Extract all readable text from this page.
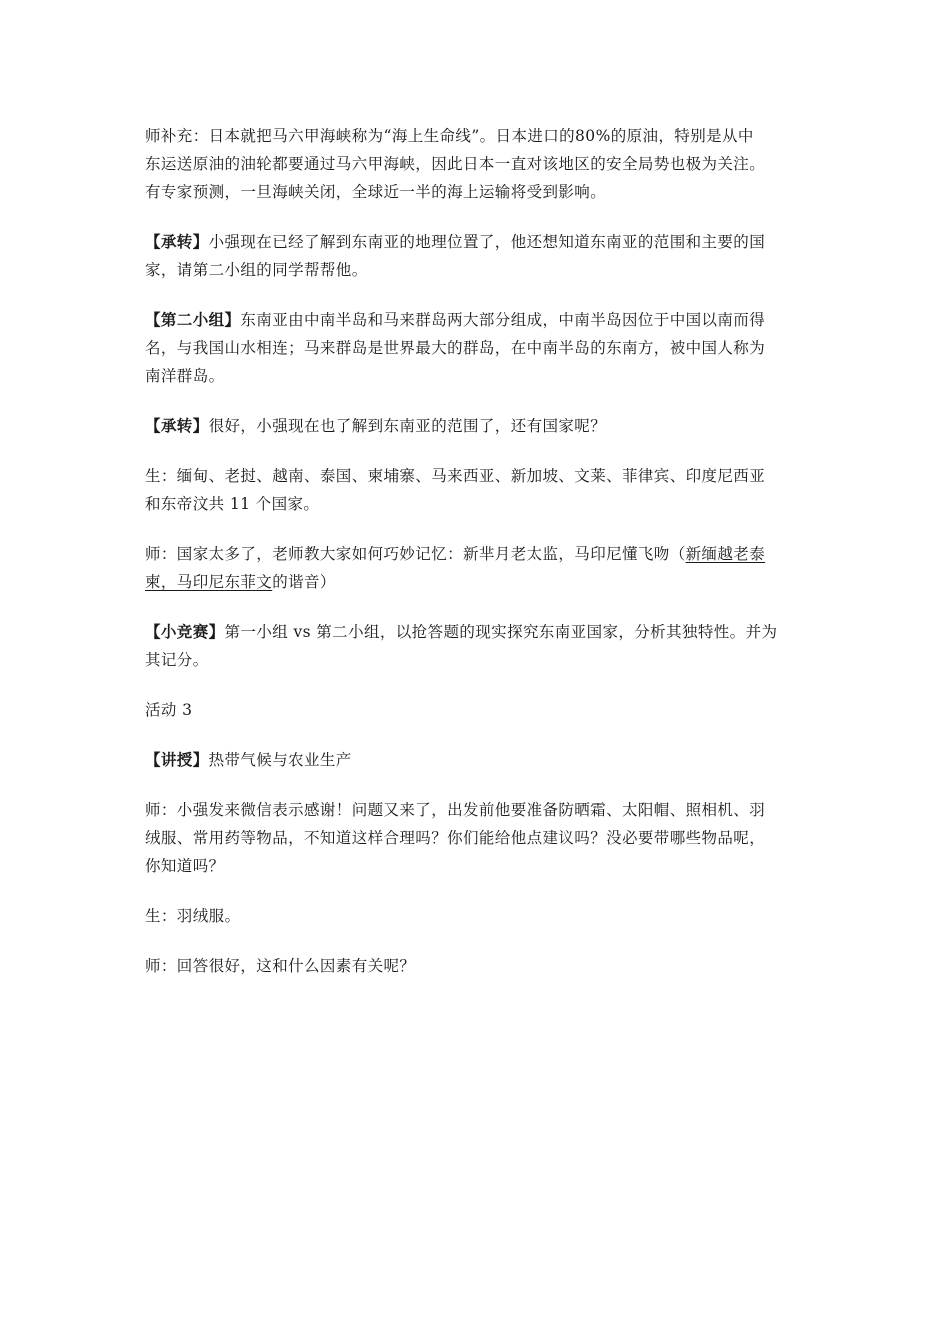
师补充：日本就把马六甲海峡称为“海上生命线”。日本进口的80%的原油，特别是从中
东运送原油的油轮都要通过马六甲海峡，因此日本一直对该地区的安全局势也极为关注。
有专家预测，一旦海峡关闭，全球近一半的海上运输将受到影响。

【承转】小强现在已经了解到东南亚的地理位置了，他还想知道东南亚的范围和主要的国
家，请第二小组的同学帮帮他。

【第二小组】东南亚由中南半岛和马来群岛两大部分组成，中南半岛因位于中国以南而得
名，与我国山水相连；马来群岛是世界最大的群岛，在中南半岛的东南方，被中国人称为
南洋群岛。

【承转】很好，小强现在也了解到东南亚的范围了，还有国家呢？

生：缅甸、老挝、越南、泰国、柬埔寨、马来西亚、新加坡、文莱、菲律宾、印度尼西亚
和东帝汶共 11 个国家。

师：国家太多了，老师教大家如何巧妙记忆：新芈月老太监，马印尼懂飞吻（新缅越老泰
柬，马印尼东菲文的谐音）

【小竞赛】第一小组 vs 第二小组，以抢答题的现实探究东南亚国家，分析其独特性。并为
其记分。

活动 3

【讲授】热带气候与农业生产

师：小强发来微信表示感谢！问题又来了，出发前他要准备防晒霜、太阳帽、照相机、羽
绒服、常用药等物品，不知道这样合理吗？你们能给他点建议吗？没必要带哪些物品呢，
你知道吗？

生：羽绒服。

师：回答很好，这和什么因素有关呢？
